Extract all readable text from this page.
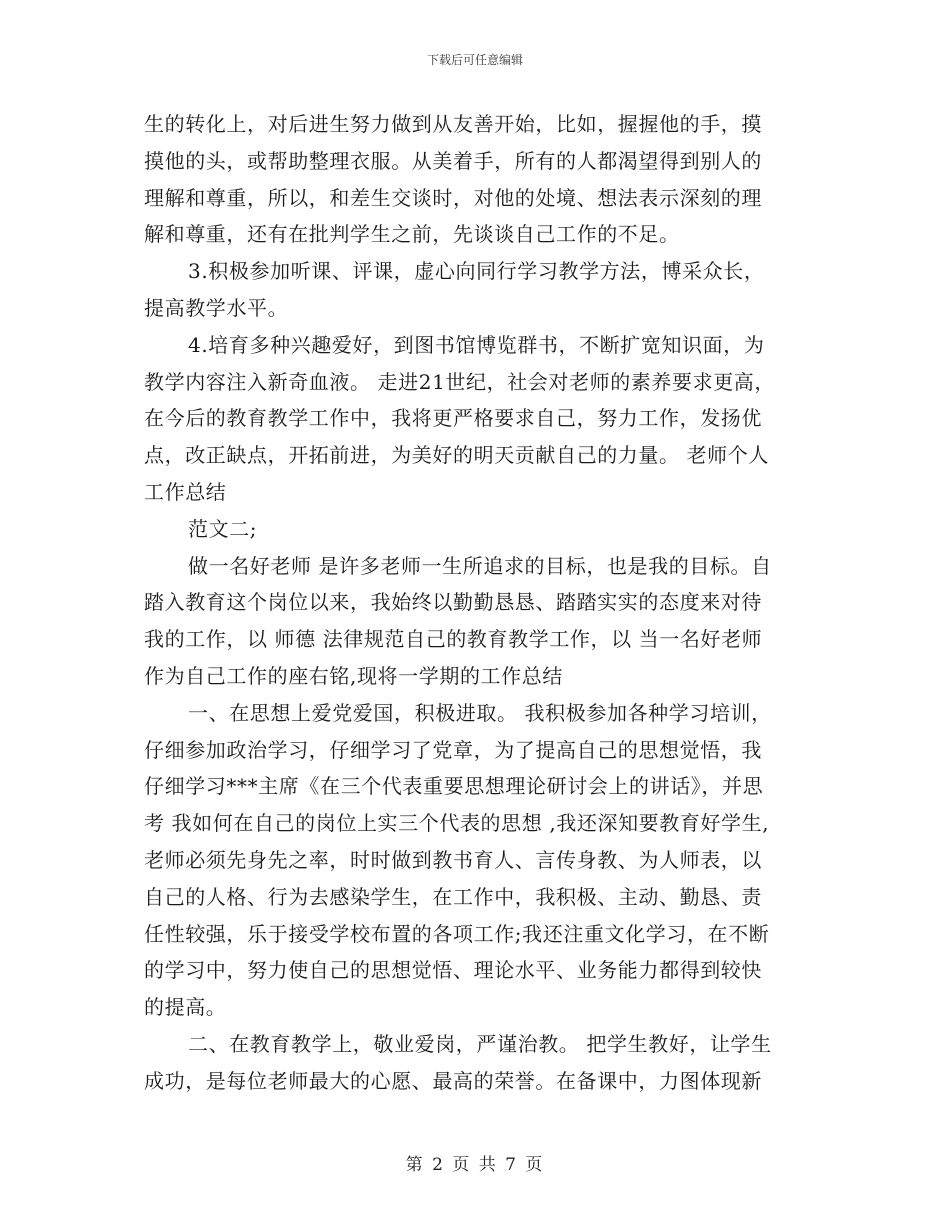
下载后可任意编辑
生的转化上，对后进生努力做到从友善开始，比如，握握他的手，摸
摸他的头，或帮助整理衣服。从美着手，所有的人都渴望得到别人的
理解和尊重，所以，和差生交谈时，对他的处境、想法表示深刻的理
解和尊重，还有在批判学生之前，先谈谈自己工作的不足。
3.积极参加听课、评课，虚心向同行学习教学方法，博采众长，
提高教学水平。
4.培育多种兴趣爱好，到图书馆博览群书，不断扩宽知识面，为
教学内容注入新奇血液。 走进21世纪，社会对老师的素养要求更高，
在今后的教育教学工作中，我将更严格要求自己，努力工作，发扬优
点，改正缺点，开拓前进，为美好的明天贡献自己的力量。 老师个人
工作总结
范文二;
做一名好老师 是许多老师一生所追求的目标，也是我的目标。自
踏入教育这个岗位以来，我始终以勤勤恳恳、踏踏实实的态度来对待
我的工作，以 师德 法律规范自己的教育教学工作，以 当一名好老师
作为自己工作的座右铭,现将一学期的工作总结
一、在思想上爱党爱国，积极进取。 我积极参加各种学习培训，
仔细参加政治学习，仔细学习了党章，为了提高自己的思想觉悟，我
仔细学习***主席《在三个代表重要思想理论研讨会上的讲话》，并思
考 我如何在自己的岗位上实三个代表的思想 ,我还深知要教育好学生,
老师必须先身先之率，时时做到教书育人、言传身教、为人师表，以
自己的人格、行为去感染学生，在工作中，我积极、主动、勤恳、责
任性较强，乐于接受学校布置的各项工作;我还注重文化学习，在不断
的学习中，努力使自己的思想觉悟、理论水平、业务能力都得到较快
的提高。
二、在教育教学上，敬业爱岗，严谨治教。 把学生教好，让学生
成功，是每位老师最大的心愿、最高的荣誉。在备课中，力图体现新
第 2 页 共 7 页
